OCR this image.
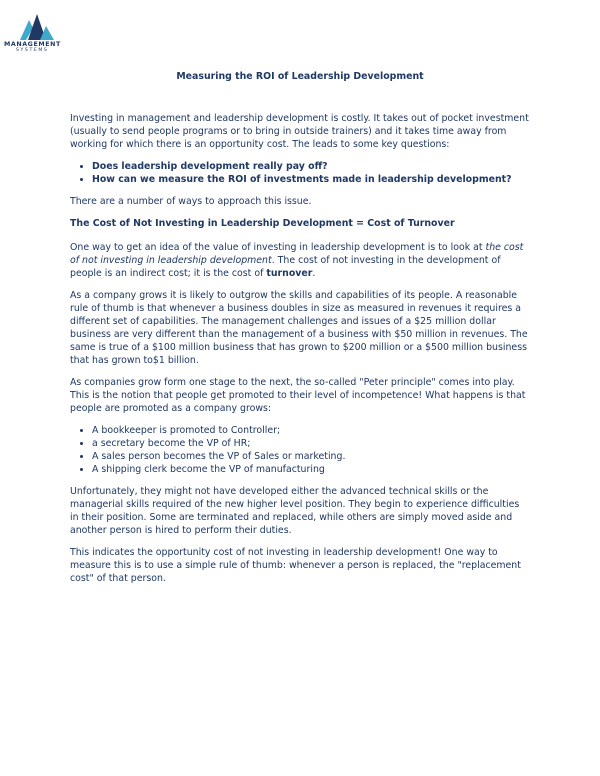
MANAGEMENT
SYSTEMS
Measuring the ROI of Leadership Development

Investing in management and leadership development is costly. It takes out of pocket investment (usually to send people programs or to bring in outside trainers) and it takes time away from working for which there is an opportunity cost. The leads to some key questions:

• Does leadership development really pay off?
• How can we measure the ROI of investments made in leadership development?

There are a number of ways to approach this issue.

The Cost of Not Investing in Leadership Development = Cost of Turnover

One way to get an idea of the value of investing in leadership development is to look at the cost of not investing in leadership development. The cost of not investing in the development of people is an indirect cost; it is the cost of turnover.

As a company grows it is likely to outgrow the skills and capabilities of its people. A reasonable rule of thumb is that whenever a business doubles in size as measured in revenues it requires a different set of capabilities. The management challenges and issues of a $25 million dollar business are very different than the management of a business with $50 million in revenues. The same is true of a $100 million business that has grown to $200 million or a $500 million business that has grown to$1 billion.

As companies grow form one stage to the next, the so-called "Peter principle" comes into play. This is the notion that people get promoted to their level of incompetence! What happens is that people are promoted as a company grows:

• A bookkeeper is promoted to Controller;
• a secretary become the VP of HR;
• A sales person becomes the VP of Sales or marketing.
• A shipping clerk become the VP of manufacturing

Unfortunately, they might not have developed either the advanced technical skills or the managerial skills required of the new higher level position. They begin to experience difficulties in their position. Some are terminated and replaced, while others are simply moved aside and another person is hired to perform their duties.

This indicates the opportunity cost of not investing in leadership development! One way to measure this is to use a simple rule of thumb: whenever a person is replaced, the "replacement cost" of that person.
